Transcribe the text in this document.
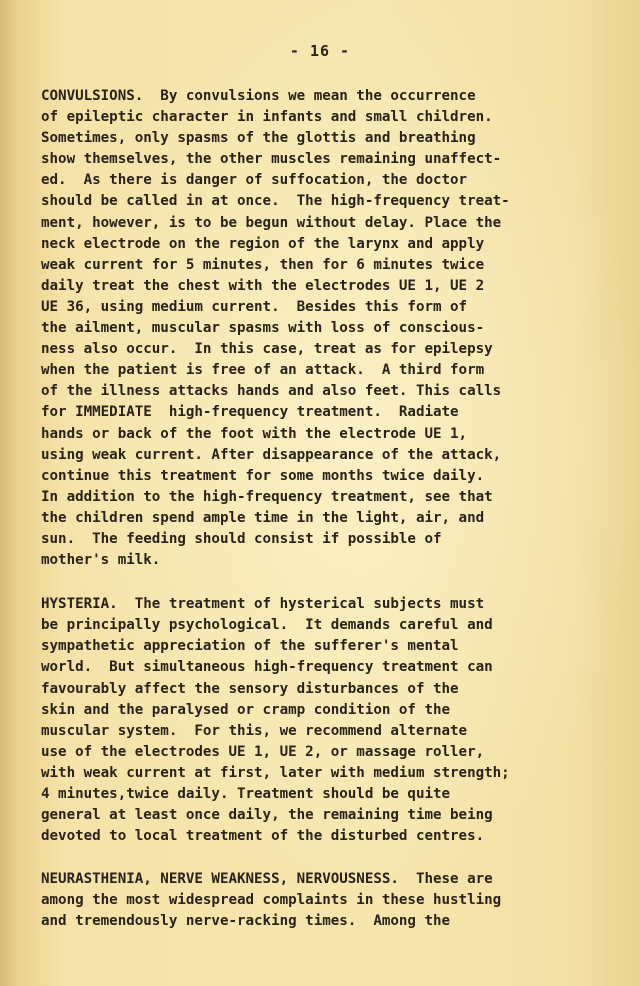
- 16 -
CONVULSIONS.  By convulsions we mean the occurrence
of epileptic character in infants and small children.
Sometimes, only spasms of the glottis and breathing
show themselves, the other muscles remaining unaffect-
ed.  As there is danger of suffocation, the doctor
should be called in at once.  The high-frequency treat-
ment, however, is to be begun without delay. Place the
neck electrode on the region of the larynx and apply
weak current for 5 minutes, then for 6 minutes twice
daily treat the chest with the electrodes UE 1, UE 2
UE 36, using medium current.  Besides this form of
the ailment, muscular spasms with loss of conscious-
ness also occur.  In this case, treat as for epilepsy
when the patient is free of an attack.  A third form
of the illness attacks hands and also feet. This calls
for IMMEDIATE  high-frequency treatment.  Radiate
hands or back of the foot with the electrode UE 1,
using weak current. After disappearance of the attack,
continue this treatment for some months twice daily.
In addition to the high-frequency treatment, see that
the children spend ample time in the light, air, and
sun.  The feeding should consist if possible of
mother's milk.
HYSTERIA.  The treatment of hysterical subjects must
be principally psychological.  It demands careful and
sympathetic appreciation of the sufferer's mental
world.  But simultaneous high-frequency treatment can
favourably affect the sensory disturbances of the
skin and the paralysed or cramp condition of the
muscular system.  For this, we recommend alternate
use of the electrodes UE 1, UE 2, or massage roller,
with weak current at first, later with medium strength;
4 minutes,twice daily. Treatment should be quite
general at least once daily, the remaining time being
devoted to local treatment of the disturbed centres.
NEURASTHENIA, NERVE WEAKNESS, NERVOUSNESS.  These are
among the most widespread complaints in these hustling
and tremendously nerve-racking times.  Among the
